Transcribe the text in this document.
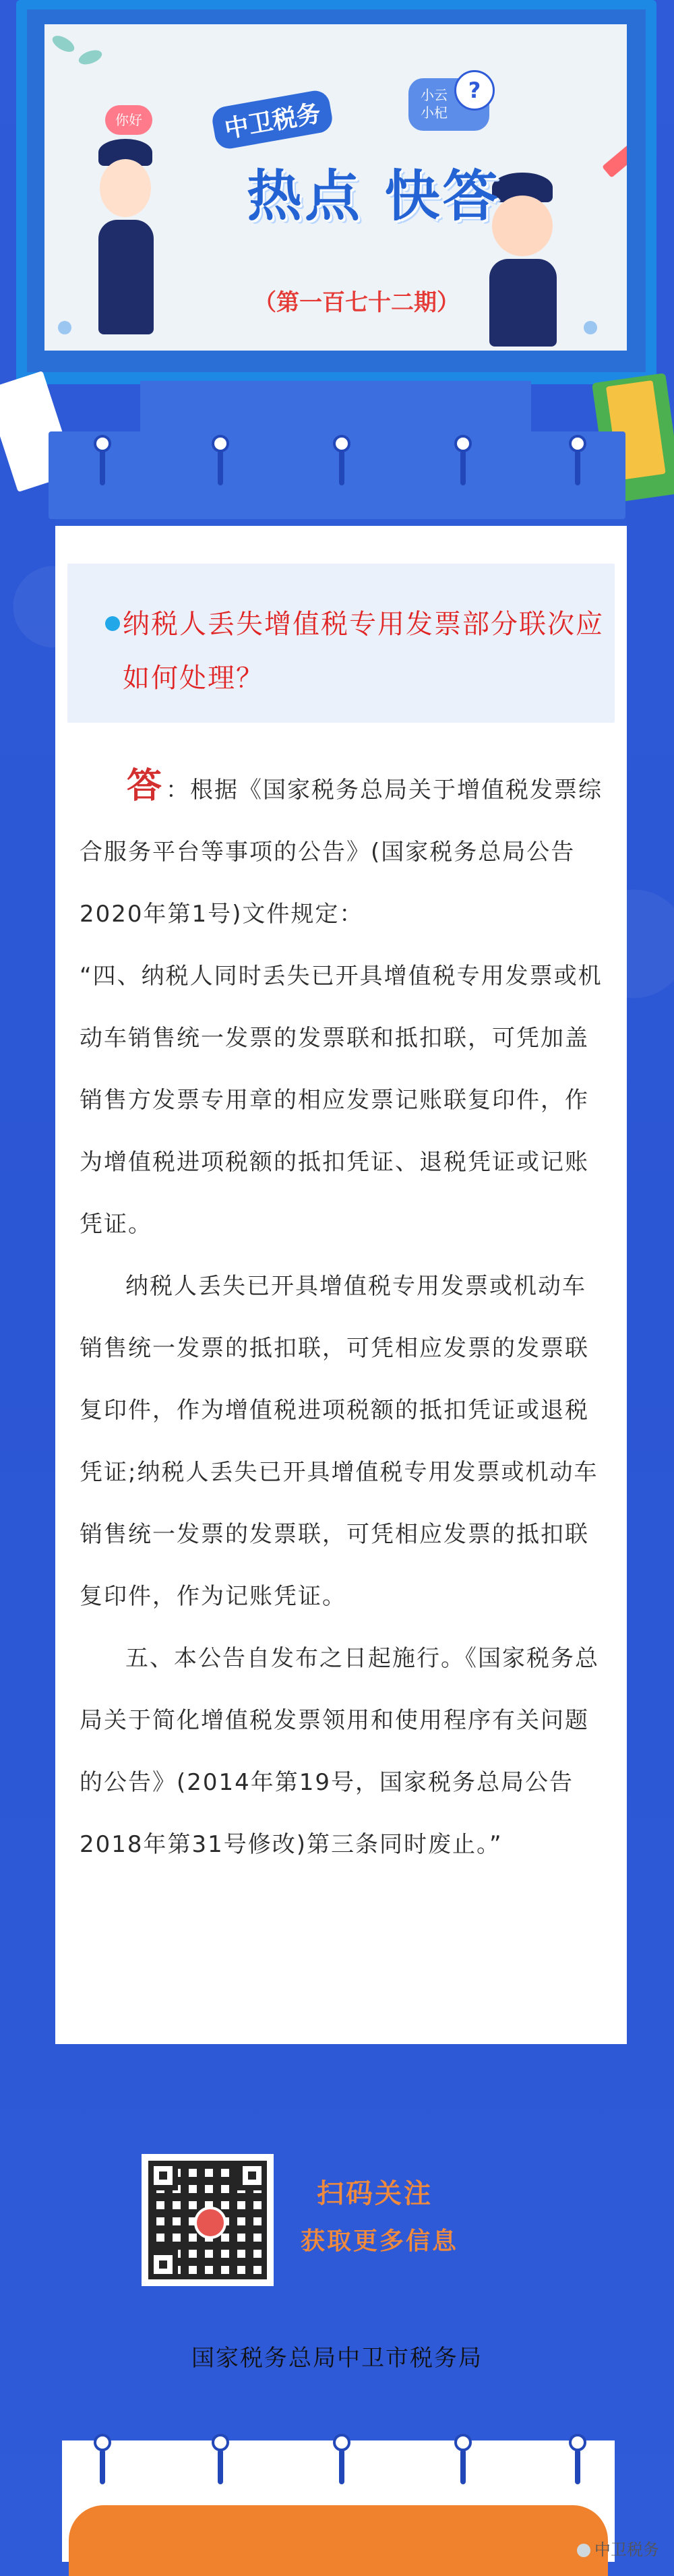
你好
小云
小杞
?
中卫税务
热点 快答
（第一百七十二期）
纳税人丢失增值税专用发票部分联次应如何处理？

答：根据《国家税务总局关于增值税发票综合服务平台等事项的公告》(国家税务总局公告2020年第1号)文件规定：

“四、纳税人同时丢失已开具增值税专用发票或机动车销售统一发票的发票联和抵扣联，可凭加盖销售方发票专用章的相应发票记账联复印件，作为增值税进项税额的抵扣凭证、退税凭证或记账凭证。

纳税人丢失已开具增值税专用发票或机动车销售统一发票的抵扣联，可凭相应发票的发票联复印件，作为增值税进项税额的抵扣凭证或退税凭证;纳税人丢失已开具增值税专用发票或机动车销售统一发票的发票联，可凭相应发票的抵扣联复印件，作为记账凭证。

五、本公告自发布之日起施行。《国家税务总局关于简化增值税发票领用和使用程序有关问题的公告》(2014年第19号，国家税务总局公告2018年第31号修改)第三条同时废止。”

扫码关注
获取更多信息
国家税务总局中卫市税务局
中卫税务
